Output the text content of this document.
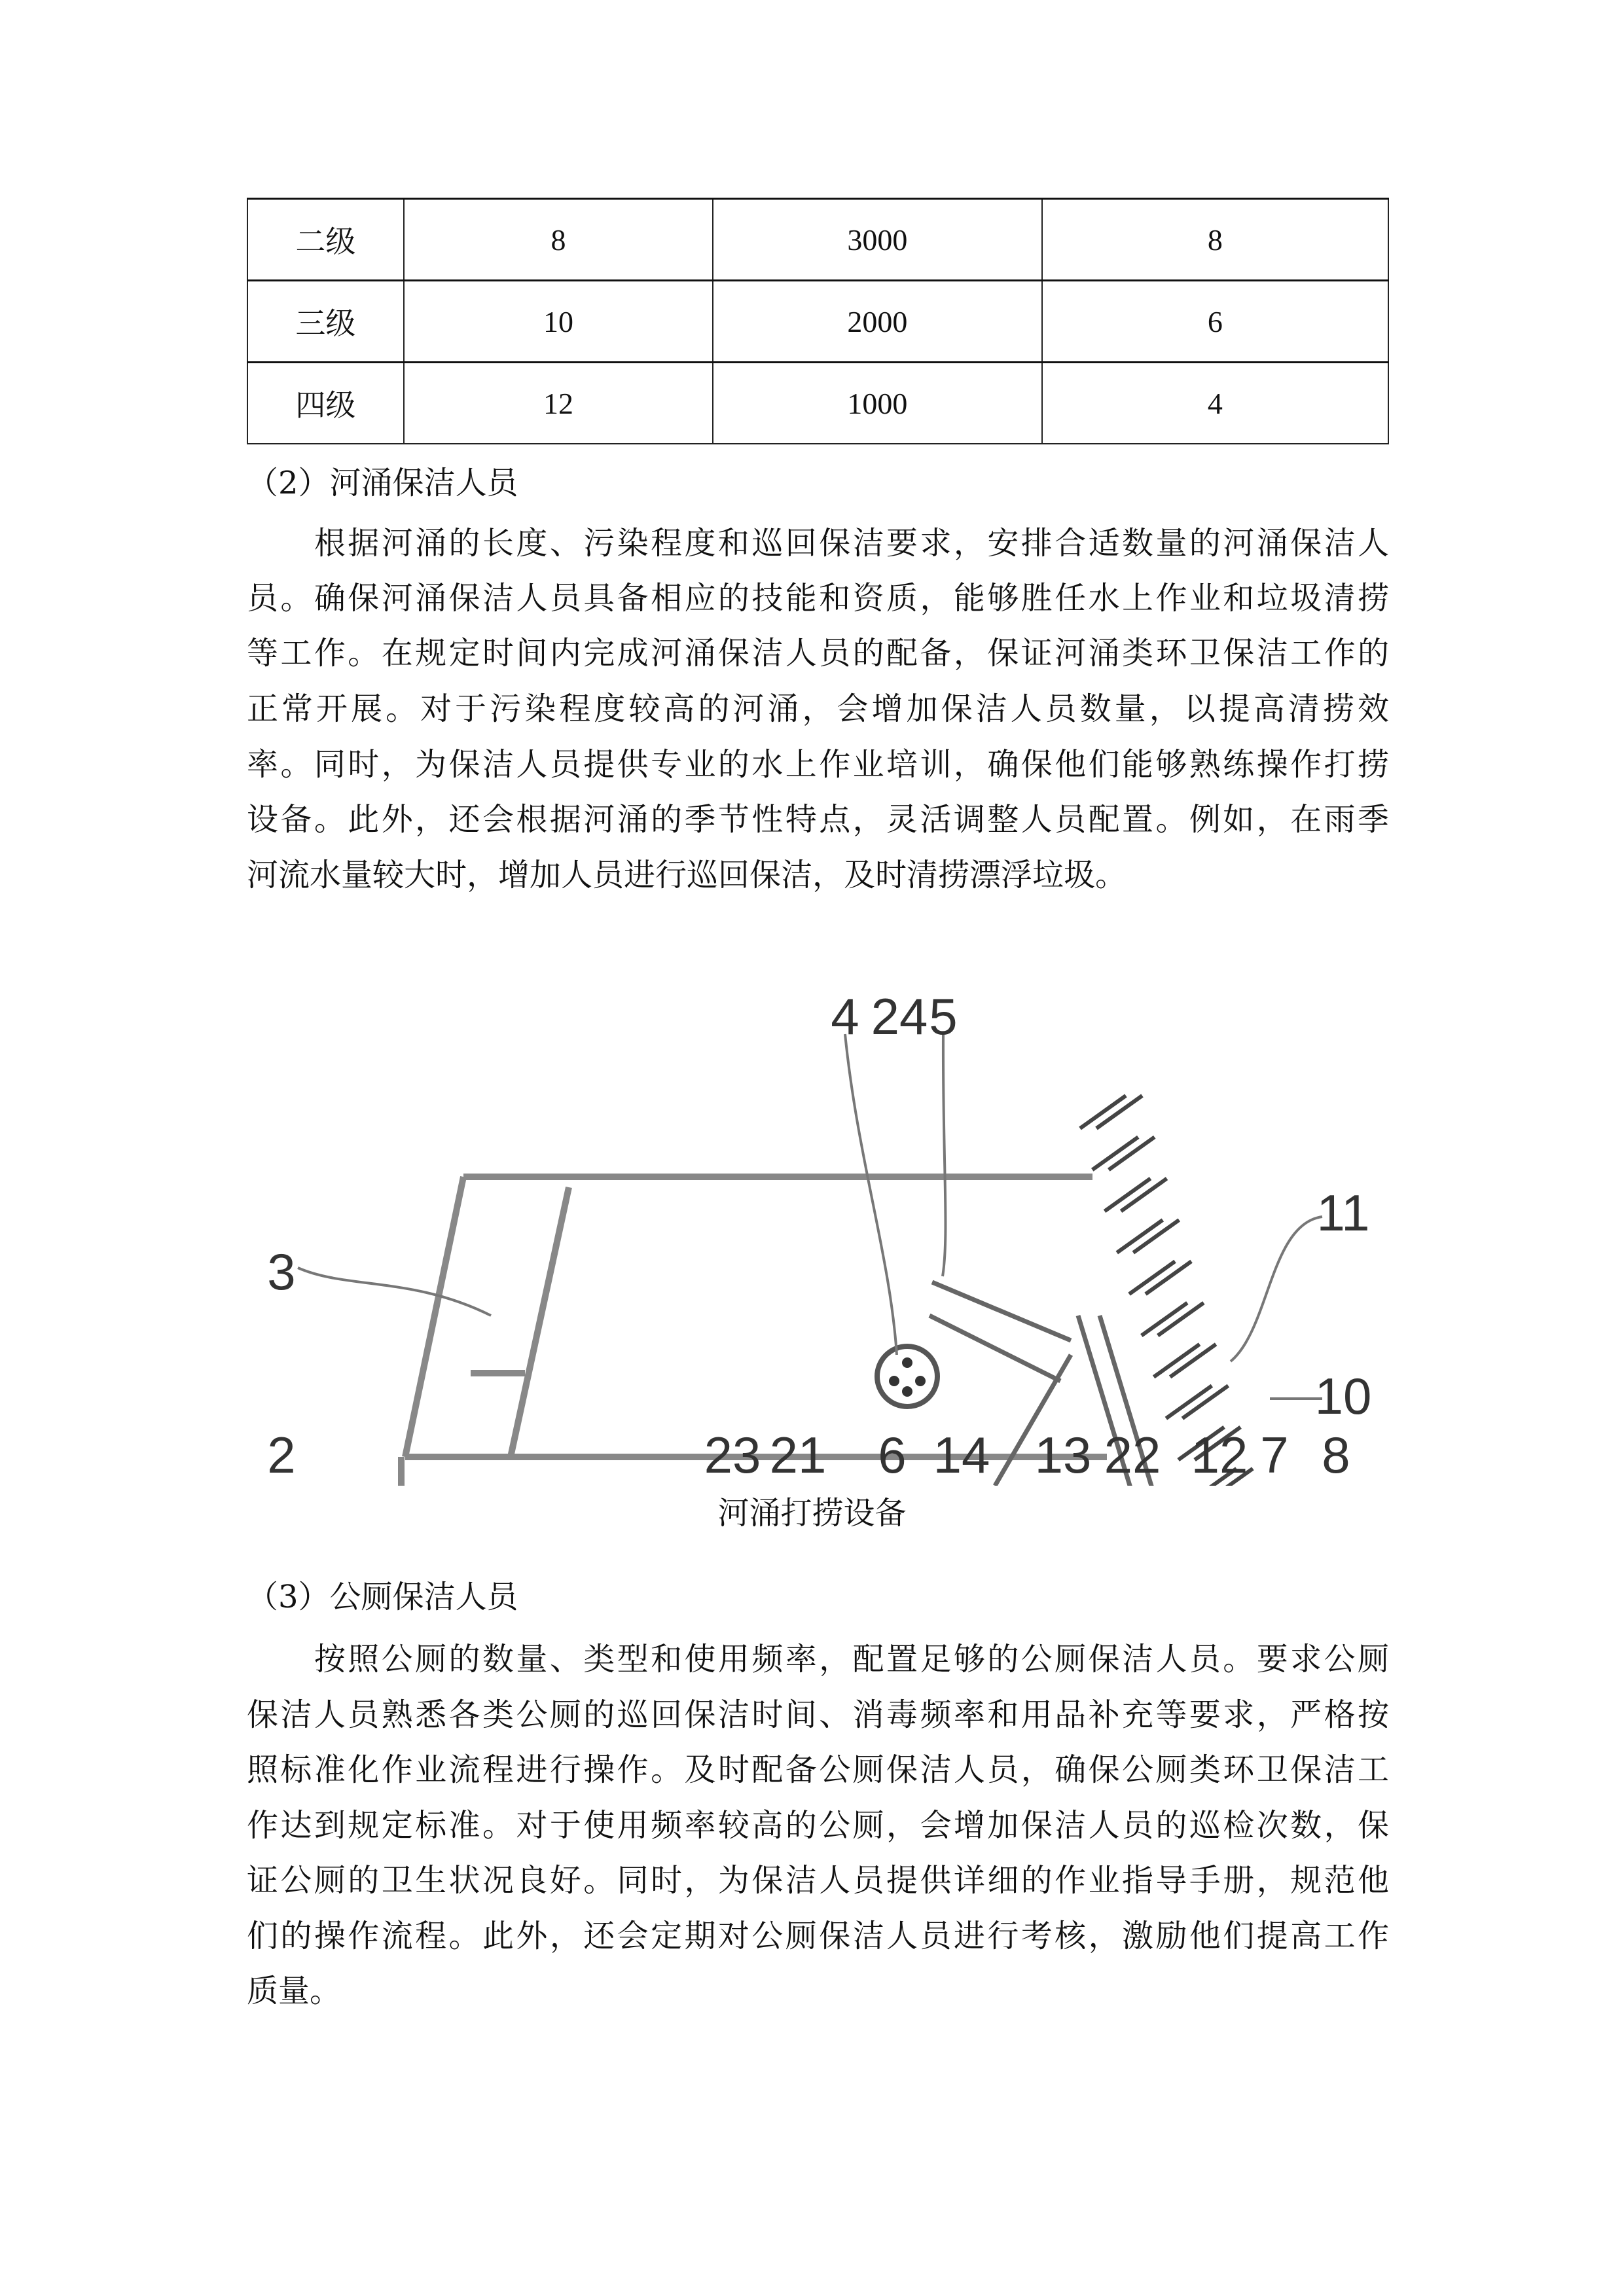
二级	8	3000	8
三级	10	2000	6
四级	12	1000	4
（2）河涌保洁人员
　　根据河涌的长度、污染程度和巡回保洁要求，安排合适数量的河涌保洁人
员。确保河涌保洁人员具备相应的技能和资质，能够胜任水上作业和垃圾清捞
等工作。在规定时间内完成河涌保洁人员的配备，保证河涌类环卫保洁工作的
正常开展。对于污染程度较高的河涌，会增加保洁人员数量，以提高清捞效
率。同时，为保洁人员提供专业的水上作业培训，确保他们能够熟练操作打捞
设备。此外，还会根据河涌的季节性特点，灵活调整人员配置。例如，在雨季
河流水量较大时，增加人员进行巡回保洁，及时清捞漂浮垃圾。
3
2
4 24 5
11
10
23 21 6 14 13 22 12 7 8
河涌打捞设备
（3）公厕保洁人员
　　按照公厕的数量、类型和使用频率，配置足够的公厕保洁人员。要求公厕
保洁人员熟悉各类公厕的巡回保洁时间、消毒频率和用品补充等要求，严格按
照标准化作业流程进行操作。及时配备公厕保洁人员，确保公厕类环卫保洁工
作达到规定标准。对于使用频率较高的公厕，会增加保洁人员的巡检次数，保
证公厕的卫生状况良好。同时，为保洁人员提供详细的作业指导手册，规范他
们的操作流程。此外，还会定期对公厕保洁人员进行考核，激励他们提高工作
质量。
